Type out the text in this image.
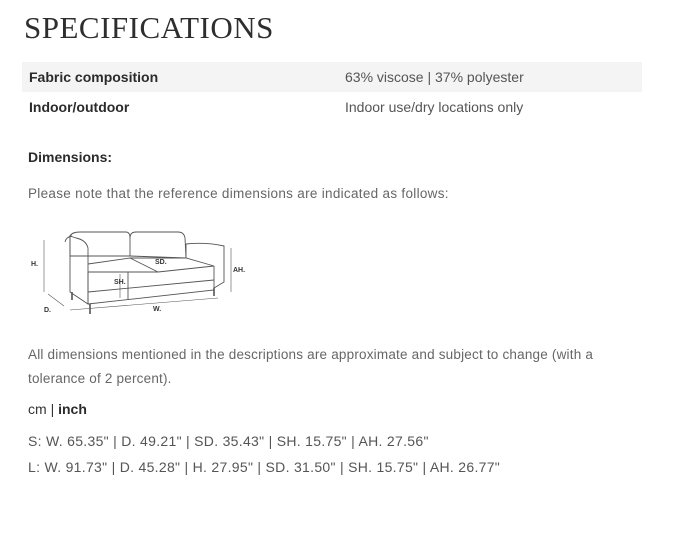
SPECIFICATIONS
Fabric composition	63% viscose | 37% polyester
Indoor/outdoor	Indoor use/dry locations only
Dimensions:
Please note that the reference dimensions are indicated as follows:
H.	SD.
SH.
AH.
D.	W.
All dimensions mentioned in the descriptions are approximate and subject to change (with a tolerance of 2 percent).
cm | inch
S: W. 65.35" | D. 49.21" | SD. 35.43" | SH. 15.75" | AH. 27.56"
L: W. 91.73" | D. 45.28" | H. 27.95" | SD. 31.50" | SH. 15.75" | AH. 26.77"
